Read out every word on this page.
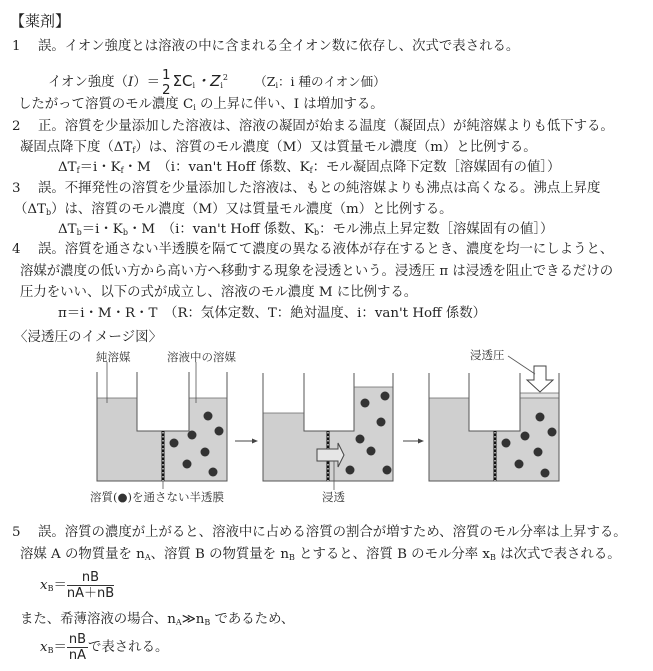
【薬剤】
1 誤。イオン強度とは溶液の中に含まれる全イオン数に依存し、次式で表される。
イオン強度（I）＝ 1
2 $\Sigma C_i$・$Z_i^2$ （$Z_i$：i 種のイオン価）
したがって溶質のモル濃度 $C_i$ の上昇に伴い、I は増加する。
2 正。溶質を少量添加した溶液は、溶液の凝固が始まる温度（凝固点）が純溶媒よりも低下する。
凝固点降下度$(\Delta T_f)$は、溶質のモル濃度（M）又は質量モル濃度（m）と比例する。
$\Delta T_f=i$・$K_f$・M　（i：van't Hoff 係数、$K_f$：モル凝固点降下定数［溶媒固有の値］）
3 誤。不揮発性の溶質を少量添加した溶液は、もとの純溶媒よりも沸点は高くなる。沸点上昇度
$(\Delta T_b)$は、溶質のモル濃度（M）又は質量モル濃度（m）と比例する。
$\Delta T_b=i$・$K_b$・M　（i：van't Hoff 係数、$K_b$：モル沸点上昇定数［溶媒固有の値］）
4 誤。溶質を通さない半透膜を隔てて濃度の異なる液体が存在するとき、濃度を均一にしようと、
溶媒が濃度の低い方から高い方へ移動する現象を浸透という。浸透圧 π は浸透を阻止できるだけの
圧力をいい、以下の式が成立し、溶液のモル濃度 M に比例する。
π＝i・M・R・T　（R：気体定数、T：絶対温度、i：van't Hoff 係数）
〈浸透圧のイメージ図〉
純溶媒	溶液中の溶媒
溶質(●)を通さない半透膜	浸透
浸透圧
5 誤。溶質の濃度が上がると、溶液中に占める溶質の割合が増すため、溶質のモル分率は上昇する。
溶媒 A の物質量を $n_A$、溶質 B の物質量を $n_B$ とすると、溶質 B のモル分率 $x_B$ は次式で表される。
$x_B= \frac{nB}{nA+nB}$
また、希薄溶液の場合、$n_A≫n_B$ であるため、
$x_B= \frac{nB}{nA}$ で表される。
